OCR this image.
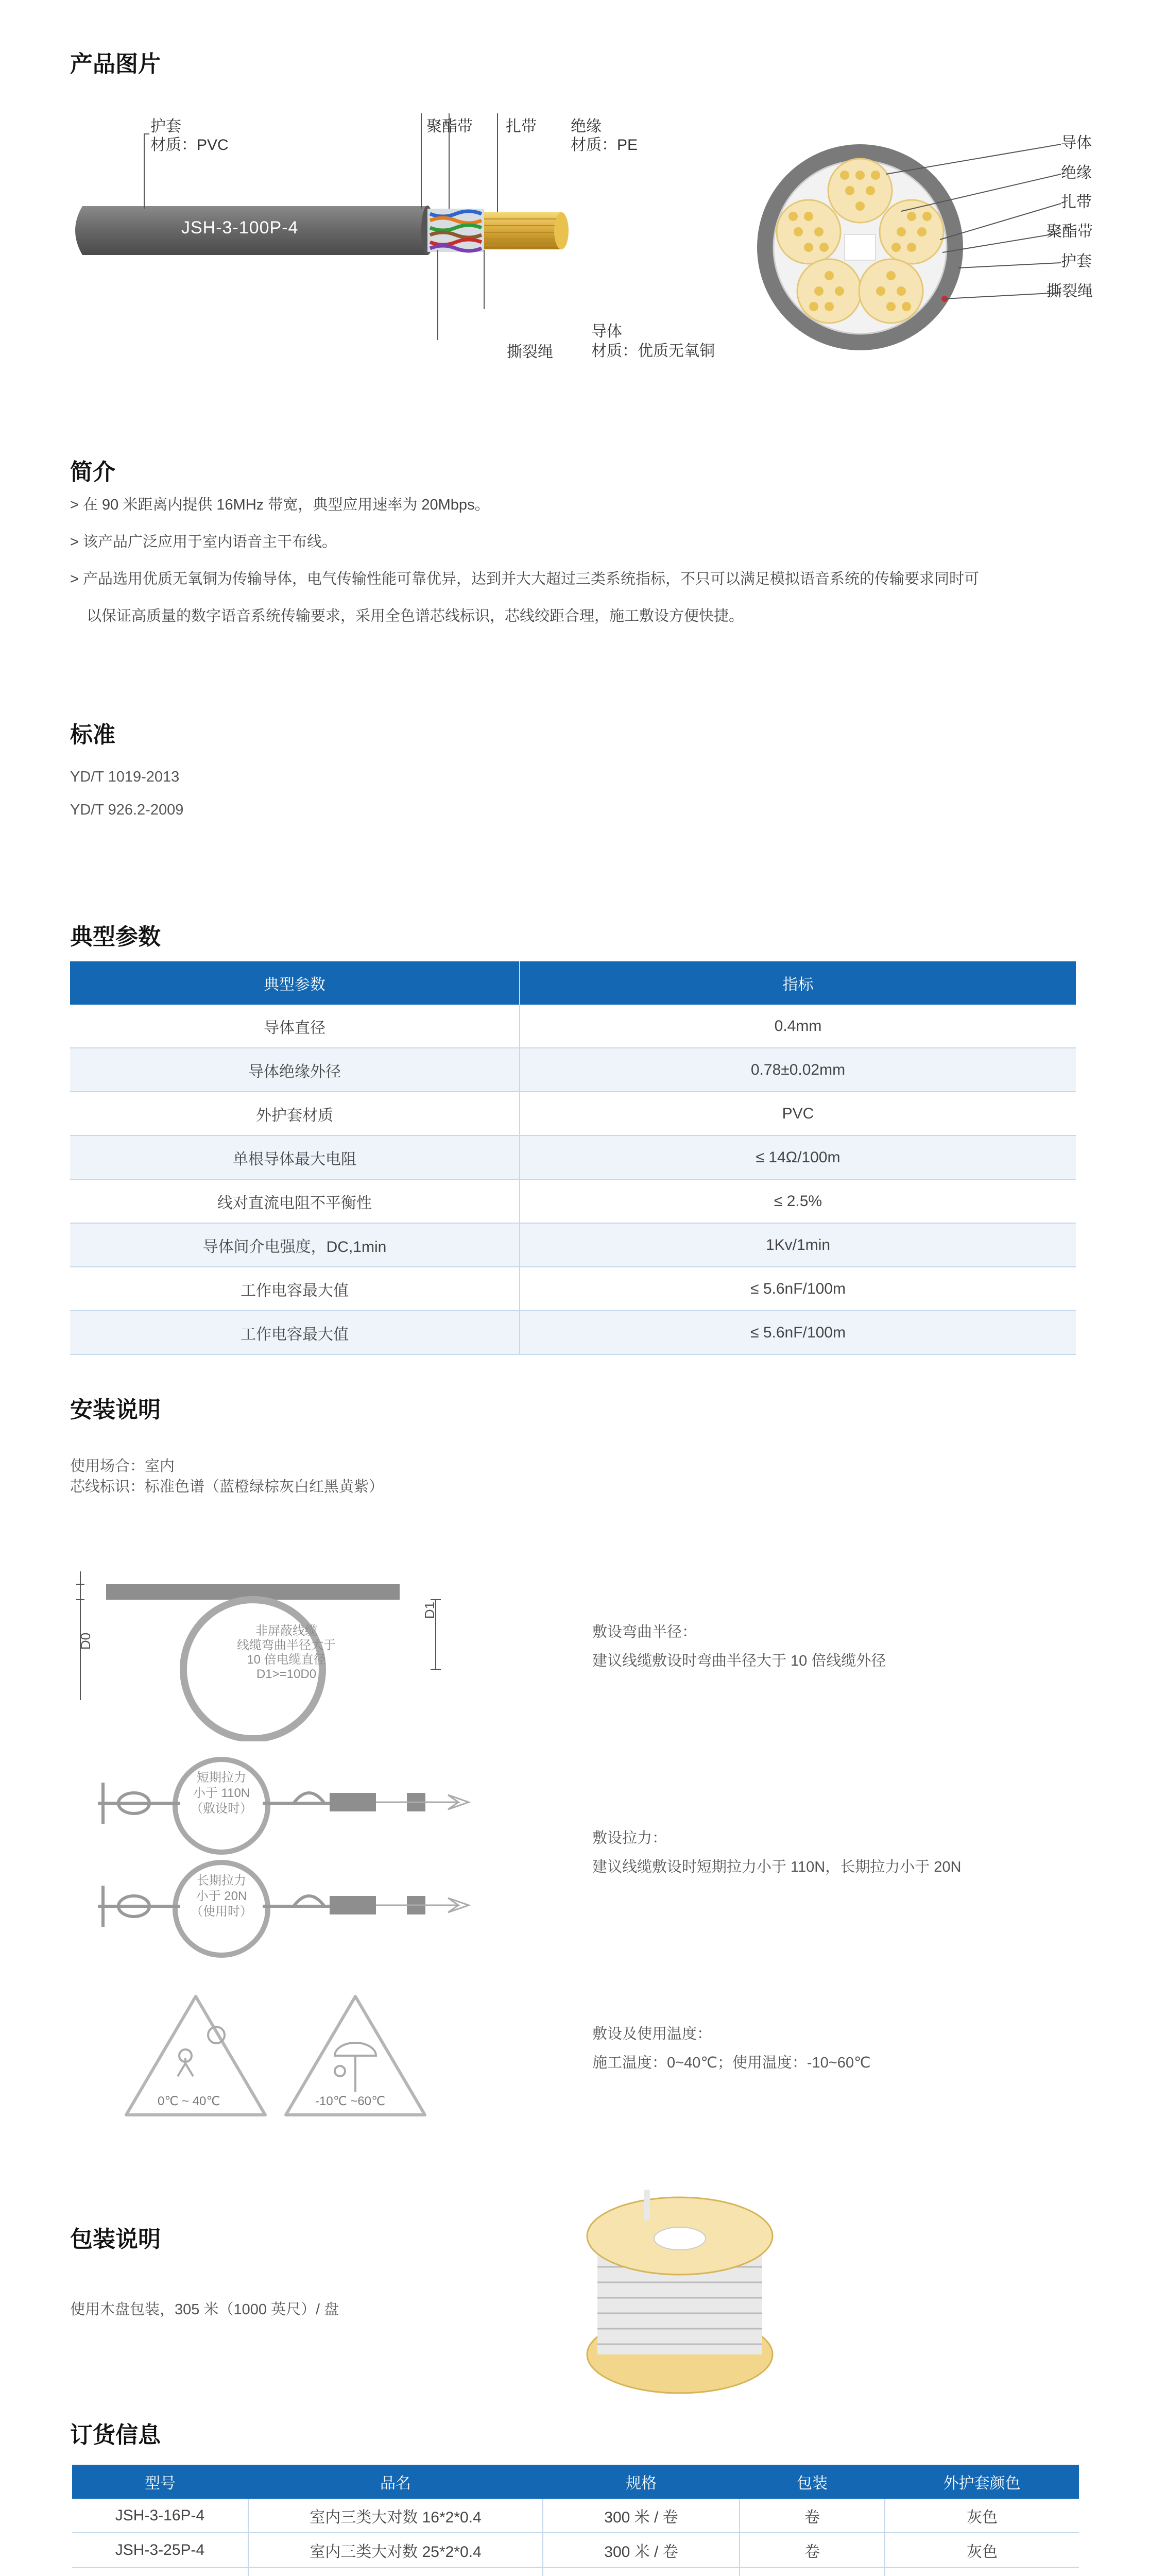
产品图片
JSH-3-100P-4
护套
材质：PVC
聚酯带 扎带 绝缘
材质：PE
撕裂绳
导体
材质：优质无氧铜
导体
绝缘
扎带
聚酯带
护套
撕裂绳
简介
> 在 90 米距离内提供 16MHz 带宽，典型应用速率为 20Mbps。
> 该产品广泛应用于室内语音主干布线。
> 产品选用优质无氧铜为传输导体，电气传输性能可靠优异，达到并大大超过三类系统指标，不只可以满足模拟语音系统的传输要求同时可
以保证高质量的数字语音系统传输要求，采用全色谱芯线标识，芯线绞距合理，施工敷设方便快捷。
标准
YD/T 1019-2013
YD/T 926.2-2009
典型参数
典型参数	指标
导体直径	0.4mm
导体绝缘外径	0.78±0.02mm
外护套材质	PVC
单根导体最大电阻	≤ 14Ω/100m
线对直流电阻不平衡性	≤ 2.5%
导体间介电强度，DC,1min	1Kv/1min
工作电容最大值	≤ 5.6nF/100m
工作电容最大值	≤ 5.6nF/100m
安装说明
使用场合：室内
芯线标识：标准色谱（蓝橙绿棕灰白红黑黄紫）
D0
D1
非屏蔽线缆
线缆弯曲半径大于
10 倍电缆直径
D1>=10D0
短期拉力
小于 110N
（敷设时）
长期拉力
小于 20N
（使用时）
0℃ ~ 40℃	-10℃ ~60℃
敷设弯曲半径：
建议线缆敷设时弯曲半径大于 10 倍线缆外径
敷设拉力：
建议线缆敷设时短期拉力小于 110N，长期拉力小于 20N
敷设及使用温度：
施工温度：0~40℃；使用温度：-10~60℃
包装说明
使用木盘包装，305 米（1000 英尺）/ 盘
订货信息
型号	品名	规格	包装	外护套颜色
JSH-3-16P-4	室内三类大对数 16*2*0.4	300 米 / 卷	卷	灰色
JSH-3-25P-4	室内三类大对数 25*2*0.4	300 米 / 卷	卷	灰色
